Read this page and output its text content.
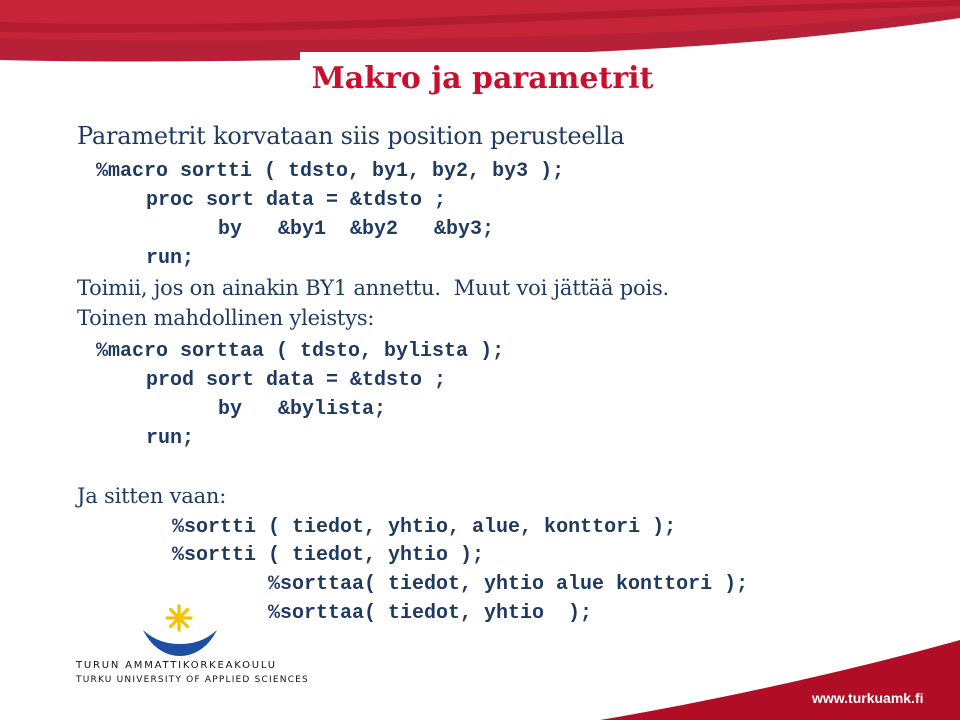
Makro ja parametrit

Parametrit korvataan siis position perusteella

%macro sortti ( tdsto, by1, by2, by3 );

proc sort data = &tdsto ;

by   &by1  &by2   &by3;

run;

Toimii, jos on ainakin BY1 annettu.  Muut voi jättää pois.

Toinen mahdollinen yleistys:

%macro sorttaa ( tdsto, bylista );

prod sort data = &tdsto ;

by   &bylista;

run;

Ja sitten vaan:

%sortti ( tiedot, yhtio, alue, konttori );

%sortti ( tiedot, yhtio );

%sorttaa( tiedot, yhtio alue konttori );

%sorttaa( tiedot, yhtio  );

TURUN AMMATTIKORKEAKOULU
TURKU UNIVERSITY OF APPLIED SCIENCES
www.turkuamk.fi
